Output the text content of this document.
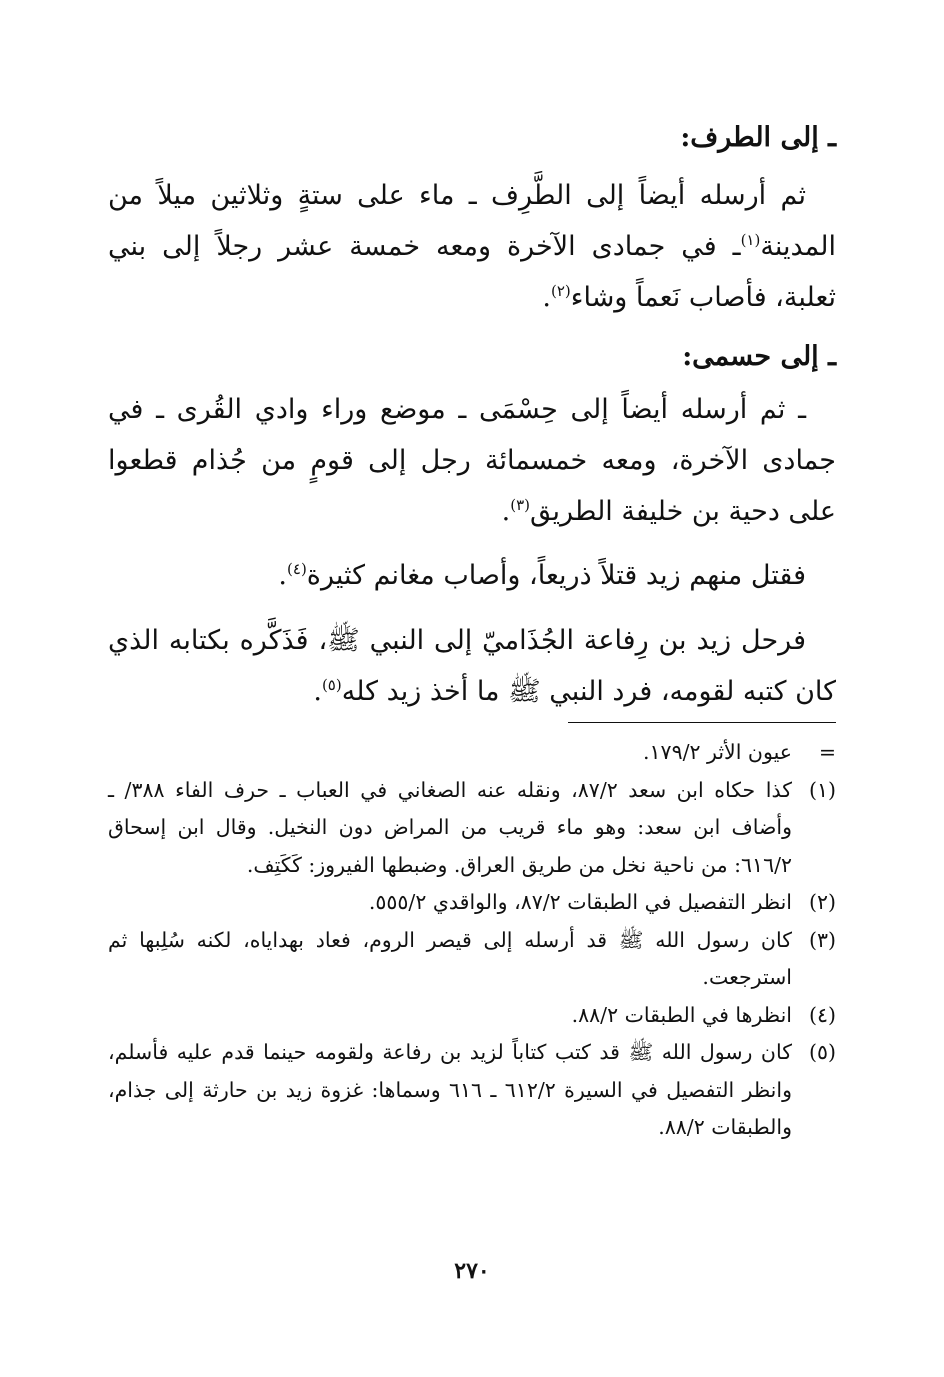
ـ إلى الطرف:
ثم أرسله أيضاً إلى الطَّرِف ـ ماء على ستةٍ وثلاثين ميلاً من المدينة$^{(١)}$ـ في جمادى الآخرة ومعه خمسة عشر رجلاً إلى بني ثعلبة، فأصاب نَعماً وشاء$^{(٢)}$.
ـ إلى حسمى:
ـ ثم أرسله أيضاً إلى حِسْمَى ـ موضع وراء وادي القُرى ـ في جمادى الآخرة، ومعه خمسمائة رجل إلى قومٍ من جُذام قطعوا على دحية بن خليفة الطريق$^{(٣)}$.
فقتل منهم زيد قتلاً ذريعاً، وأصاب مغانم كثيرة$^{(٤)}$.
فرحل زيد بن رِفاعة الجُذَاميّ إلى النبي ﷺ، فَذَكَّره بكتابه الذي كان كتبه لقومه، فرد النبي ﷺ ما أخذ زيد كله$^{(٥)}$.
=
عيون الأثر ١٧٩/٢.
(١)
كذا حكاه ابن سعد ٨٧/٢، ونقله عنه الصغاني في العباب ـ حرف الفاء ٣٨٨/ ـ وأضاف ابن سعد: وهو ماء قريب من المراض دون النخيل. وقال ابن إسحاق ٦١٦/٢: من ناحية نخل من طريق العراق. وضبطها الفيروز: كَكَتِف.
(٢)
انظر التفصيل في الطبقات ٨٧/٢، والواقدي ٥٥٥/٢.
(٣)
كان رسول الله ﷺ قد أرسله إلى قيصر الروم، فعاد بهداياه، لكنه سُلِبها ثم استرجعت.
(٤)
انظرها في الطبقات ٨٨/٢.
(٥)
كان رسول الله ﷺ قد كتب كتاباً لزيد بن رفاعة ولقومه حينما قدم عليه فأسلم، وانظر التفصيل في السيرة ٦١٢/٢ ـ ٦١٦ وسماها: غزوة زيد بن حارثة إلى جذام، والطبقات ٨٨/٢.
٢٧٠
